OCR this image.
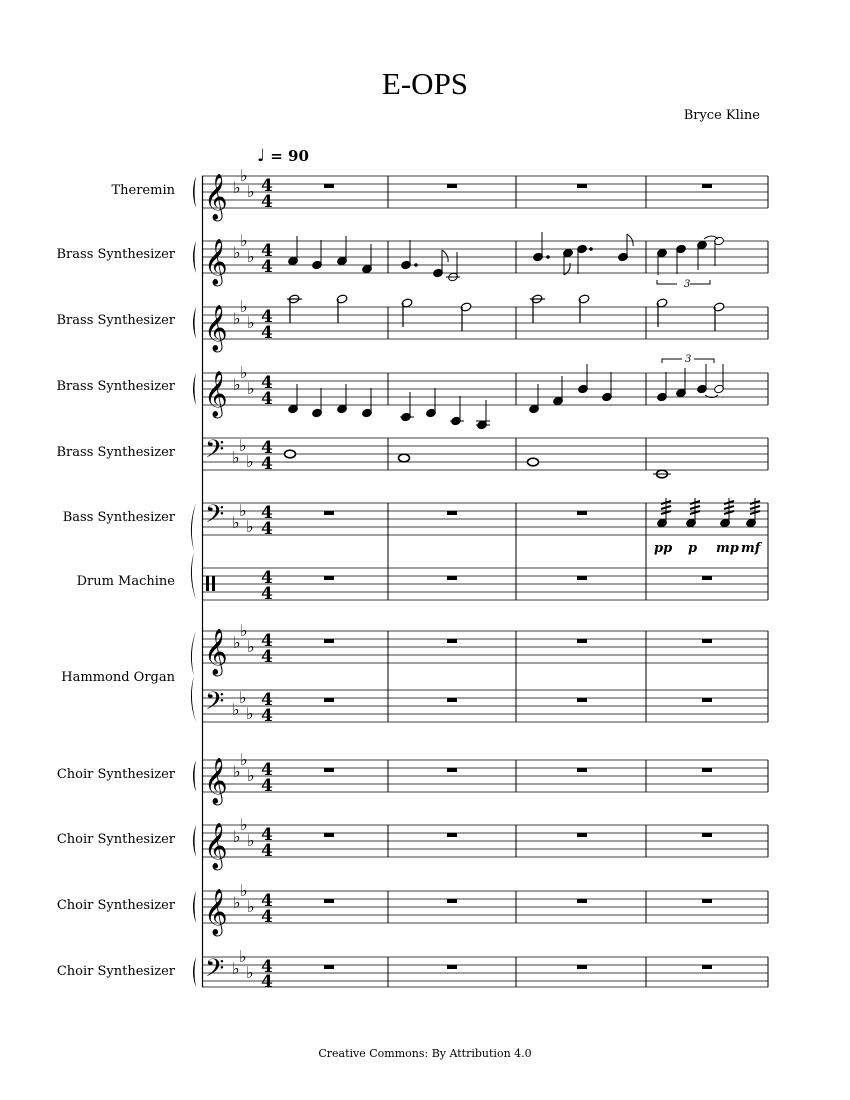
E-OPS
Bryce Kline
♩ = 90
Theremin
Brass Synthesizer
Brass Synthesizer
Brass Synthesizer
Brass Synthesizer
Bass Synthesizer
Drum Machine
Hammond Organ
Choir Synthesizer
Choir Synthesizer
Choir Synthesizer
Choir Synthesizer
𝄞
𝄞
𝄞
𝄞
𝄢
𝄢
𝄞
𝄢
𝄞
𝄞
𝄞
𝄢
♭
♭
♭
♭
♭
♭
♭
♭
♭
♭
♭
♭
♭
♭
♭
♭
♭
♭
♭
♭
♭
♭
♭
♭
♭
♭
♭
♭
♭
♭
♭
♭
♭
♭
♭
♭
4
4
4
4
4
4
4
4
4
4
4
4
4
4
4
4
4
4
4
4
4
4
4
4
4
4
3
3
pp p mp mf
Creative Commons: By Attribution 4.0
